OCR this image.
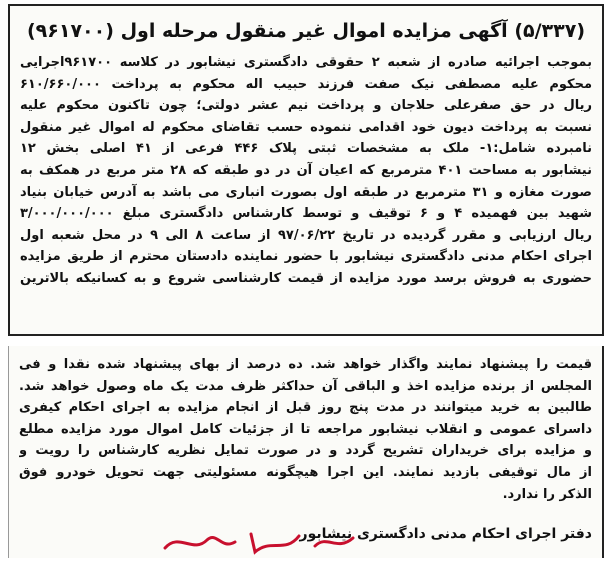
(۵/۳۳۷) آگهی مزایده اموال غیر منقول مرحله اول (۹۶۱۷۰۰)
بموجب اجرائیه صادره از شعبه ۲ حقوقی دادگستری نیشابور در کلاسه ۹۶۱۷۰۰اجرایی
محکوم علیه مصطفی نیک صفت فرزند حبیب اله محکوم به پرداخت ۶۱۰/۶۶۰/۰۰۰
ریال در حق صفرعلی حلاجان و پرداخت نیم عشر دولتی؛ چون تاکنون محکوم علیه
نسبت به پرداخت دیون خود اقدامی ننموده حسب تقاضای محکوم له اموال غیر منقول
نامبرده شامل:۱- ملک به مشخصات ثبتی پلاک ۴۴۶ فرعی از ۴۱ اصلی بخش ۱۲
نیشابور به مساحت ۴۰۱ مترمربع که اعیان آن در دو طبقه که ۲۸ متر مربع در همکف به
صورت مغازه و ۳۱ مترمربع در طبقه اول بصورت انباری می باشد به آدرس خیابان بنیاد
شهید بین فهمیده ۴ و ۶ توقیف و توسط کارشناس دادگستری مبلغ ۳/۰۰۰/۰۰۰/۰۰۰
ریال ارزیابی و مقرر گردیده در تاریخ ۹۷/۰۶/۲۲ از ساعت ۸ الی ۹ در محل شعبه اول
اجرای احکام مدنی دادگستری نیشابور با حضور نماینده دادستان محترم از طریق مزایده
حضوری به فروش برسد مورد مزایده از قیمت کارشناسی شروع و به کسانیکه بالاترین
قیمت را پیشنهاد نمایند واگذار خواهد شد. ده درصد از بهای پیشنهاد شده نقدا و فی
المجلس از برنده مزایده اخذ و الباقی آن حداکثر ظرف مدت یک ماه وصول خواهد شد.
طالبین به خرید میتوانند در مدت پنج روز قبل از انجام مزایده به اجرای احکام کیفری
داسرای عمومی و انقلاب نیشابور مراجعه تا از جزئیات کامل اموال مورد مزایده مطلع
و مزایده برای خریداران تشریح گردد و در صورت تمایل نظریه کارشناس را رویت و
از مال توقیفی بازدید نمایند. این اجرا هیچگونه مسئولیتی جهت تحویل خودرو فوق
الذکر را ندارد.
دفتر اجرای احکام مدنی دادگستری نیشابور
